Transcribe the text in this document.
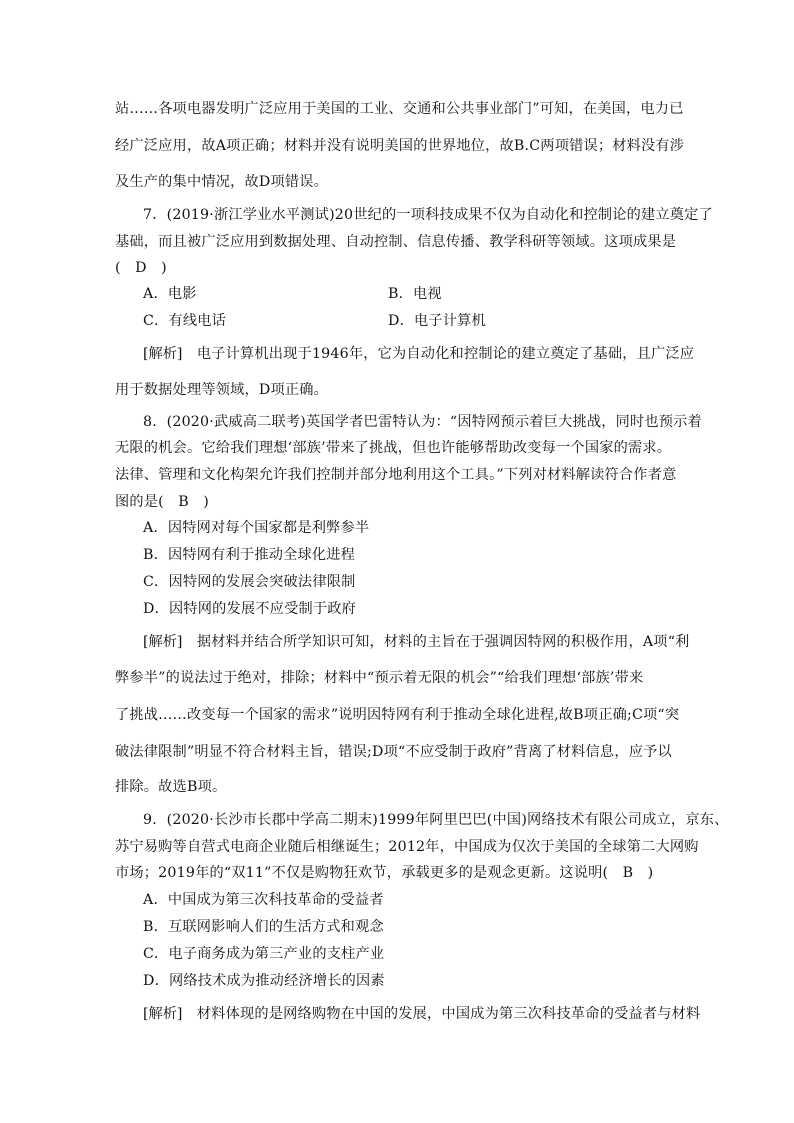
站……各项电器发明广泛应用于美国的工业、交通和公共事业部门”可知，在美国，电力已
经广泛应用，故A项正确；材料并没有说明美国的世界地位，故B.C两项错误；材料没有涉
及生产的集中情况，故D项错误。
7．(2019·浙江学业水平测试)20世纪的一项科技成果不仅为自动化和控制论的建立奠定了
基础，而且被广泛应用到数据处理、自动控制、信息传播、教学科研等领域。这项成果是
(　D　)
A．电影	B．电视
C．有线电话	D．电子计算机
[解析]　电子计算机出现于1946年，它为自动化和控制论的建立奠定了基础，且广泛应
用于数据处理等领域，D项正确。
8．(2020·武威高二联考)英国学者巴雷特认为：“因特网预示着巨大挑战，同时也预示着
无限的机会。它给我们理想‘部族’带来了挑战，但也许能够帮助改变每一个国家的需求。
法律、管理和文化构架允许我们控制并部分地利用这个工具。”下列对材料解读符合作者意
图的是(　B　)
A．因特网对每个国家都是利弊参半
B．因特网有利于推动全球化进程
C．因特网的发展会突破法律限制
D．因特网的发展不应受制于政府
[解析]　据材料并结合所学知识可知，材料的主旨在于强调因特网的积极作用，A项“利
弊参半”的说法过于绝对，排除；材料中“预示着无限的机会”“给我们理想‘部族’带来
了挑战……改变每一个国家的需求”说明因特网有利于推动全球化进程,故B项正确;C项“突
破法律限制”明显不符合材料主旨，错误;D项“不应受制于政府”背离了材料信息，应予以
排除。故选B项。
9．(2020·长沙市长郡中学高二期末)1999年阿里巴巴(中国)网络技术有限公司成立，京东、
苏宁易购等自营式电商企业随后相继诞生；2012年，中国成为仅次于美国的全球第二大网购
市场；2019年的“双11”不仅是购物狂欢节，承载更多的是观念更新。这说明(　B　)
A．中国成为第三次科技革命的受益者
B．互联网影响人们的生活方式和观念
C．电子商务成为第三产业的支柱产业
D．网络技术成为推动经济增长的因素
[解析]　材料体现的是网络购物在中国的发展，中国成为第三次科技革命的受益者与材料
